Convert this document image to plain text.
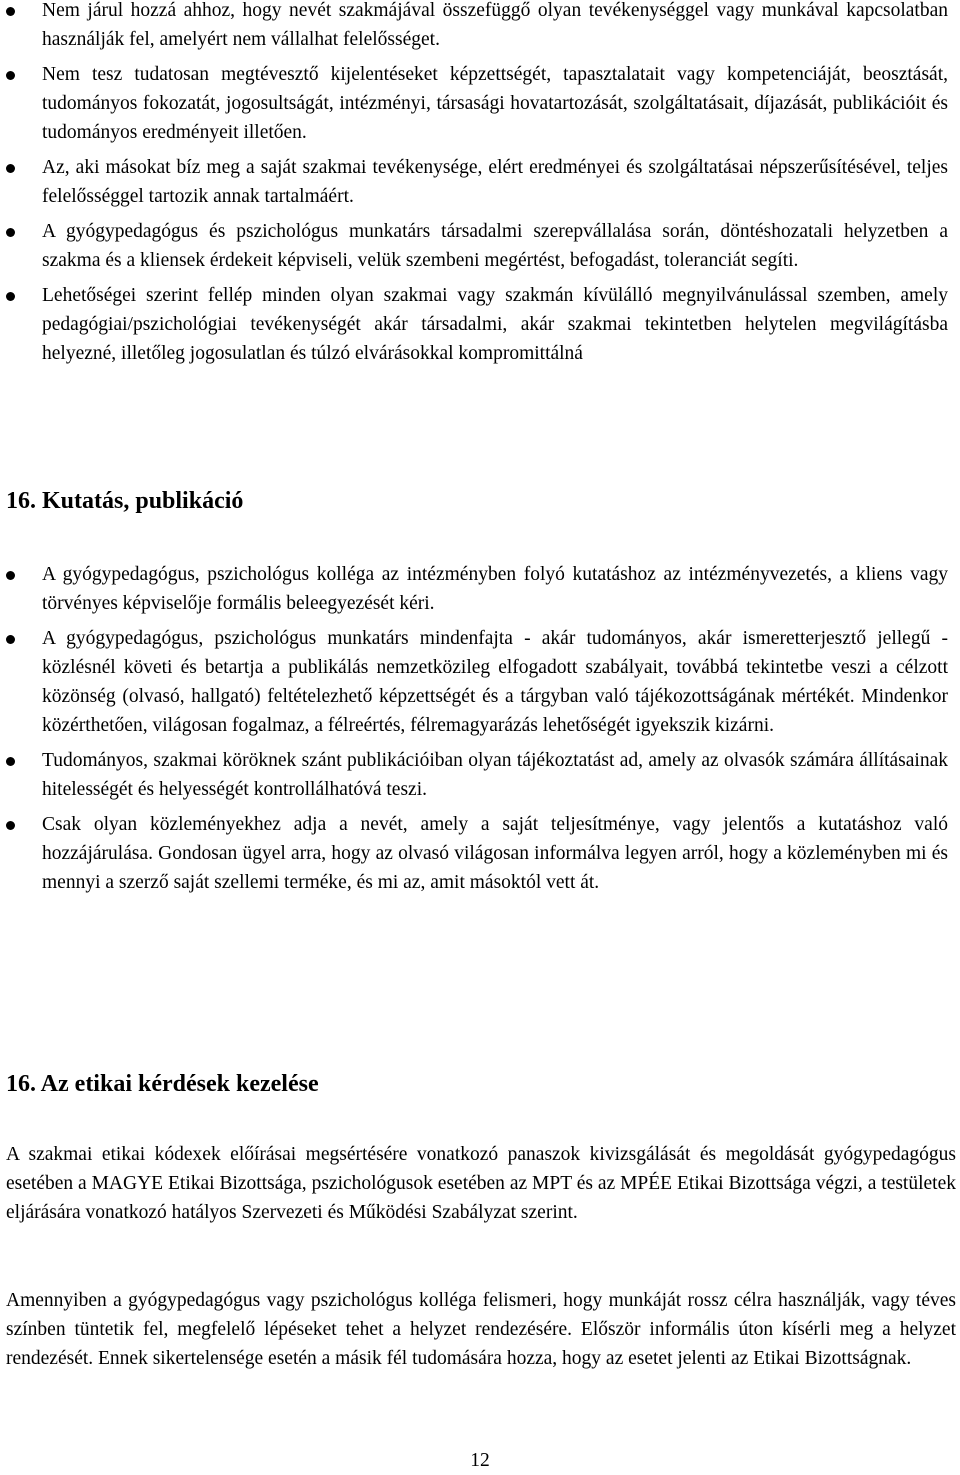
Nem járul hozzá ahhoz, hogy nevét szakmájával összefüggő olyan tevékenységgel vagy munkával kapcsolatban használják fel, amelyért nem vállalhat felelősséget.
Nem tesz tudatosan megtévesztő kijelentéseket képzettségét, tapasztalatait vagy kompetenciáját, beosztását, tudományos fokozatát, jogosultságát, intézményi, társasági hovatartozását, szolgáltatásait, díjazását, publikációit és tudományos eredményeit illetően.
Az, aki másokat bíz meg a saját szakmai tevékenysége, elért eredményei és szolgáltatásai népszerűsítésével, teljes felelősséggel tartozik annak tartalmáért.
A gyógypedagógus és pszichológus munkatárs társadalmi szerepvállalása során, döntéshozatali helyzetben a szakma és a kliensek érdekeit képviseli, velük szembeni megértést, befogadást, toleranciát segíti.
Lehetőségei szerint fellép minden olyan szakmai vagy szakmán kívülálló megnyilvánulással szemben, amely pedagógiai/pszichológiai tevékenységét akár társadalmi, akár szakmai tekintetben helytelen megvilágításba helyezné, illetőleg jogosulatlan és túlzó elvárásokkal kompromittálná
16. Kutatás, publikáció
A gyógypedagógus, pszichológus kolléga az intézményben folyó kutatáshoz az intézményvezetés, a kliens vagy törvényes képviselője formális beleegyezését kéri.
A gyógypedagógus, pszichológus munkatárs mindenfajta - akár tudományos, akár ismeretterjesztő jellegű - közlésnél követi és betartja a publikálás nemzetközileg elfogadott szabályait, továbbá tekintetbe veszi a célzott közönség (olvasó, hallgató) feltételezhető képzettségét és a tárgyban való tájékozottságának mértékét. Mindenkor közérthetően, világosan fogalmaz, a félreértés, félremagyarázás lehetőségét igyekszik kizárni.
Tudományos, szakmai köröknek szánt publikációiban olyan tájékoztatást ad, amely az olvasók számára állításainak hitelességét és helyességét kontrollálhatóvá teszi.
Csak olyan közleményekhez adja a nevét, amely a saját teljesítménye, vagy jelentős a kutatáshoz való hozzájárulása. Gondosan ügyel arra, hogy az olvasó világosan informálva legyen arról, hogy a közleményben mi és mennyi a szerző saját szellemi terméke, és mi az, amit másoktól vett át.
16. Az etikai kérdések kezelése

A szakmai etikai kódexek előírásai megsértésére vonatkozó panaszok kivizsgálását és megoldását gyógypedagógus esetében a MAGYE Etikai Bizottsága, pszichológusok esetében az MPT és az MPÉE Etikai Bizottsága végzi, a testületek eljárására vonatkozó hatályos Szervezeti és Működési Szabályzat szerint.

Amennyiben a gyógypedagógus vagy pszichológus kolléga felismeri, hogy munkáját rossz célra használják, vagy téves színben tüntetik fel, megfelelő lépéseket tehet a helyzet rendezésére. Először informális úton kísérli meg a helyzet rendezését. Ennek sikertelensége esetén a másik fél tudomására hozza, hogy az esetet jelenti az Etikai Bizottságnak.

12
